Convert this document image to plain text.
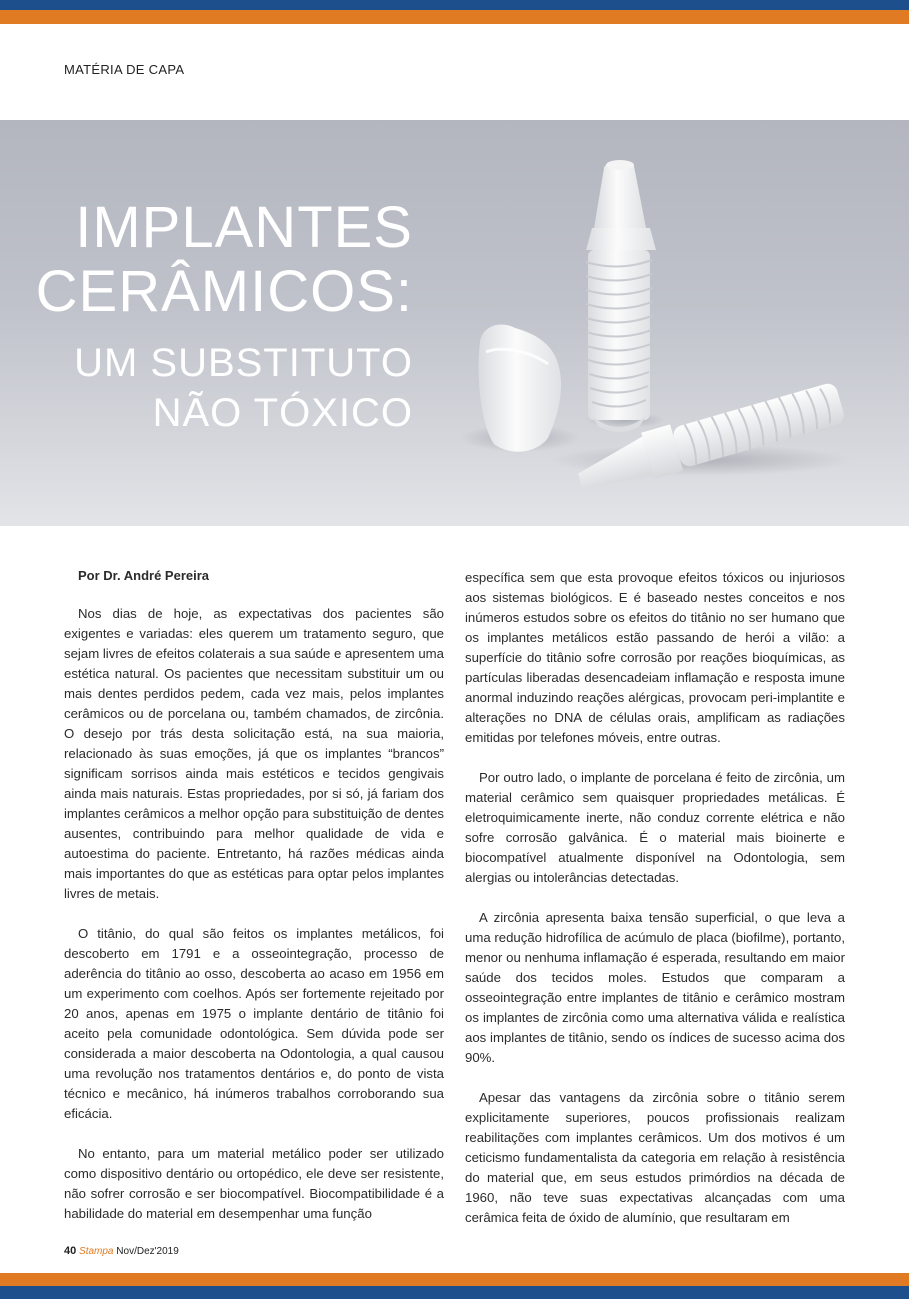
MATÉRIA DE CAPA
IMPLANTES
CERÂMICOS:
UM SUBSTITUTO
NÃO TÓXICO
Por Dr. André Pereira

Nos dias de hoje, as expectativas dos pacientes são exigentes e variadas: eles querem um tratamento seguro, que sejam livres de efeitos colaterais a sua saúde e apresentem uma estética natural. Os pacientes que necessitam substituir um ou mais dentes perdidos pedem, cada vez mais, pelos implantes cerâmicos ou de porcelana ou, também chamados, de zircônia. O desejo por trás desta solicitação está, na sua maioria, relacionado às suas emoções, já que os implantes “brancos” significam sorrisos ainda mais estéticos e tecidos gengivais ainda mais naturais. Estas propriedades, por si só, já fariam dos implantes cerâmicos a melhor opção para substituição de dentes ausentes, contribuindo para melhor qualidade de vida e autoestima do paciente. Entretanto, há razões médicas ainda mais importantes do que as estéticas para optar pelos implantes livres de metais.

O titânio, do qual são feitos os implantes metálicos, foi descoberto em 1791 e a osseointegração, processo de aderência do titânio ao osso, descoberta ao acaso em 1956 em um experimento com coelhos. Após ser fortemente rejeitado por 20 anos, apenas em 1975 o implante dentário de titânio foi aceito pela comunidade odontológica. Sem dúvida pode ser considerada a maior descoberta na Odontologia, a qual causou uma revolução nos tratamentos dentários e, do ponto de vista técnico e mecânico, há inúmeros trabalhos corroborando sua eficácia.

No entanto, para um material metálico poder ser utilizado como dispositivo dentário ou ortopédico, ele deve ser resistente, não sofrer corrosão e ser biocompatível. Biocompatibilidade é a habilidade do material em desempenhar uma função

específica sem que esta provoque efeitos tóxicos ou injuriosos aos sistemas biológicos. E é baseado nestes conceitos e nos inúmeros estudos sobre os efeitos do titânio no ser humano que os implantes metálicos estão passando de herói a vilão: a superfície do titânio sofre corrosão por reações bioquímicas, as partículas liberadas desencadeiam inflamação e resposta imune anormal induzindo reações alérgicas, provocam peri-implantite e alterações no DNA de células orais, amplificam as radiações emitidas por telefones móveis, entre outras.

Por outro lado, o implante de porcelana é feito de zircônia, um material cerâmico sem quaisquer propriedades metálicas. É eletroquimicamente inerte, não conduz corrente elétrica e não sofre corrosão galvânica. É o material mais bioinerte e biocompatível atualmente disponível na Odontologia, sem alergias ou intolerâncias detectadas.

A zircônia apresenta baixa tensão superficial, o que leva a uma redução hidrofílica de acúmulo de placa (biofilme), portanto, menor ou nenhuma inflamação é esperada, resultando em maior saúde dos tecidos moles. Estudos que comparam a osseointegração entre implantes de titânio e cerâmico mostram os implantes de zircônia como uma alternativa válida e realística aos implantes de titânio, sendo os índices de sucesso acima dos 90%.

Apesar das vantagens da zircônia sobre o titânio serem explicitamente superiores, poucos profissionais realizam reabilitações com implantes cerâmicos. Um dos motivos é um ceticismo fundamentalista da categoria em relação à resistência do material que, em seus estudos primórdios na década de 1960, não teve suas expectativas alcançadas com uma cerâmica feita de óxido de alumínio, que resultaram em

40 Stampa Nov/Dez'2019
